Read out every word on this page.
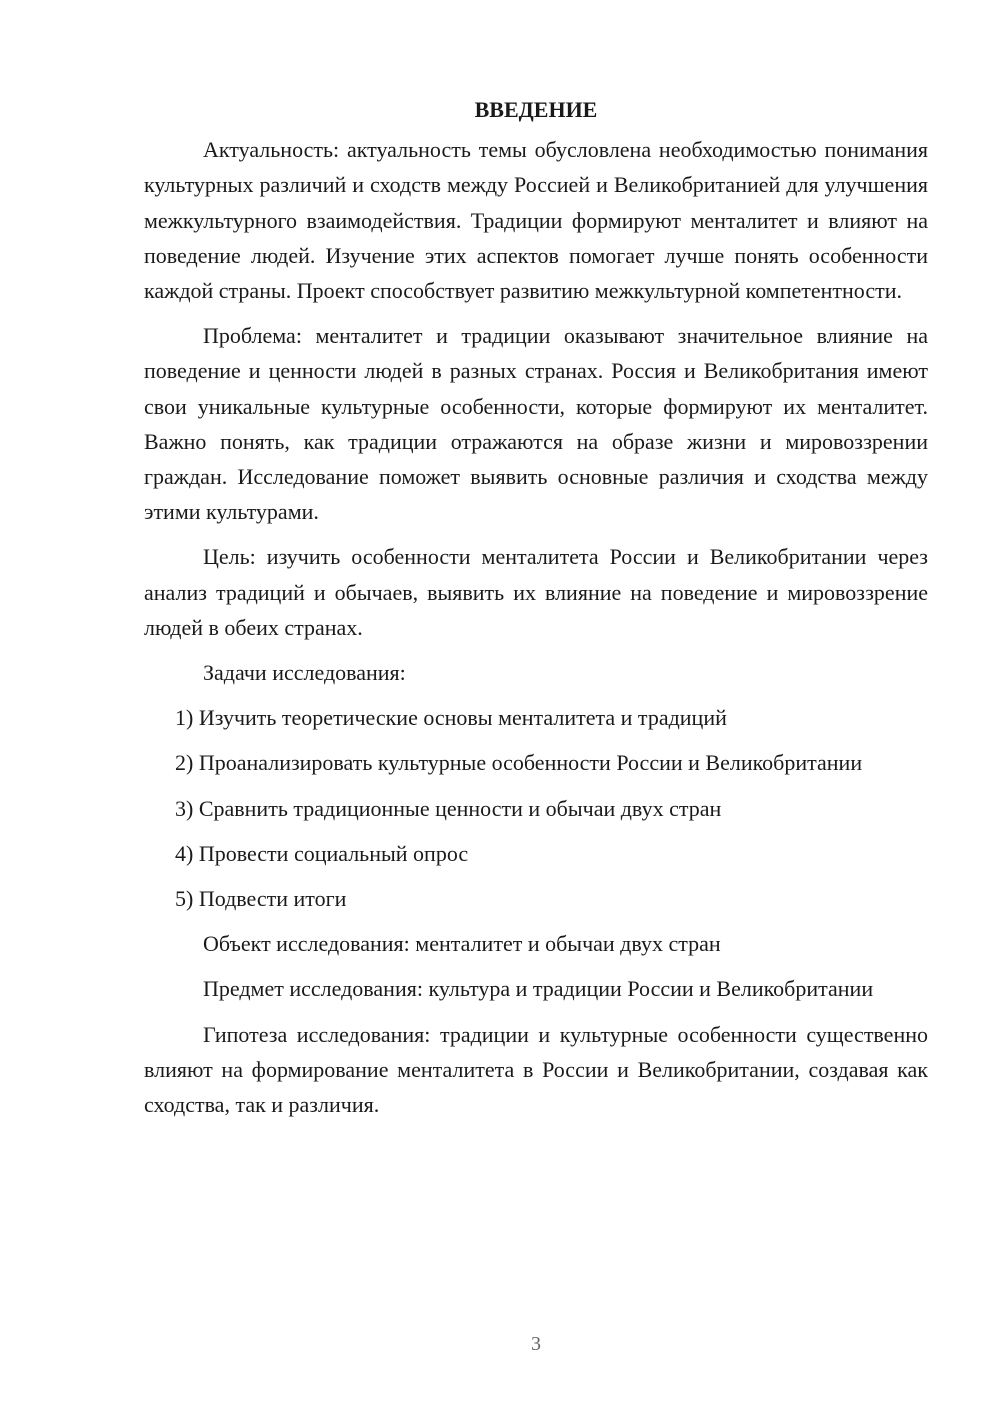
ВВЕДЕНИЕ

Актуальность: актуальность темы обусловлена необходимостью понимания культурных различий и сходств между Россией и Великобританией для улучшения межкультурного взаимодействия. Традиции формируют менталитет и влияют на поведение людей. Изучение этих аспектов помогает лучше понять особенности каждой страны. Проект способствует развитию межкультурной компетентности.

Проблема: менталитет и традиции оказывают значительное влияние на поведение и ценности людей в разных странах. Россия и Великобритания имеют свои уникальные культурные особенности, которые формируют их менталитет. Важно понять, как традиции отражаются на образе жизни и мировоззрении граждан. Исследование поможет выявить основные различия и сходства между этими культурами.

Цель: изучить особенности менталитета России и Великобритании через анализ традиций и обычаев, выявить их влияние на поведение и мировоззрение людей в обеих странах.

Задачи исследования:

1) Изучить теоретические основы менталитета и традиций

2) Проанализировать культурные особенности России и Великобритании

3) Сравнить традиционные ценности и обычаи двух стран

4) Провести социальный опрос

5) Подвести итоги

Объект исследования: менталитет и обычаи двух стран

Предмет исследования: культура и традиции России и Великобритании

Гипотеза исследования: традиции и культурные особенности существенно влияют на формирование менталитета в России и Великобритании, создавая как сходства, так и различия.

3
